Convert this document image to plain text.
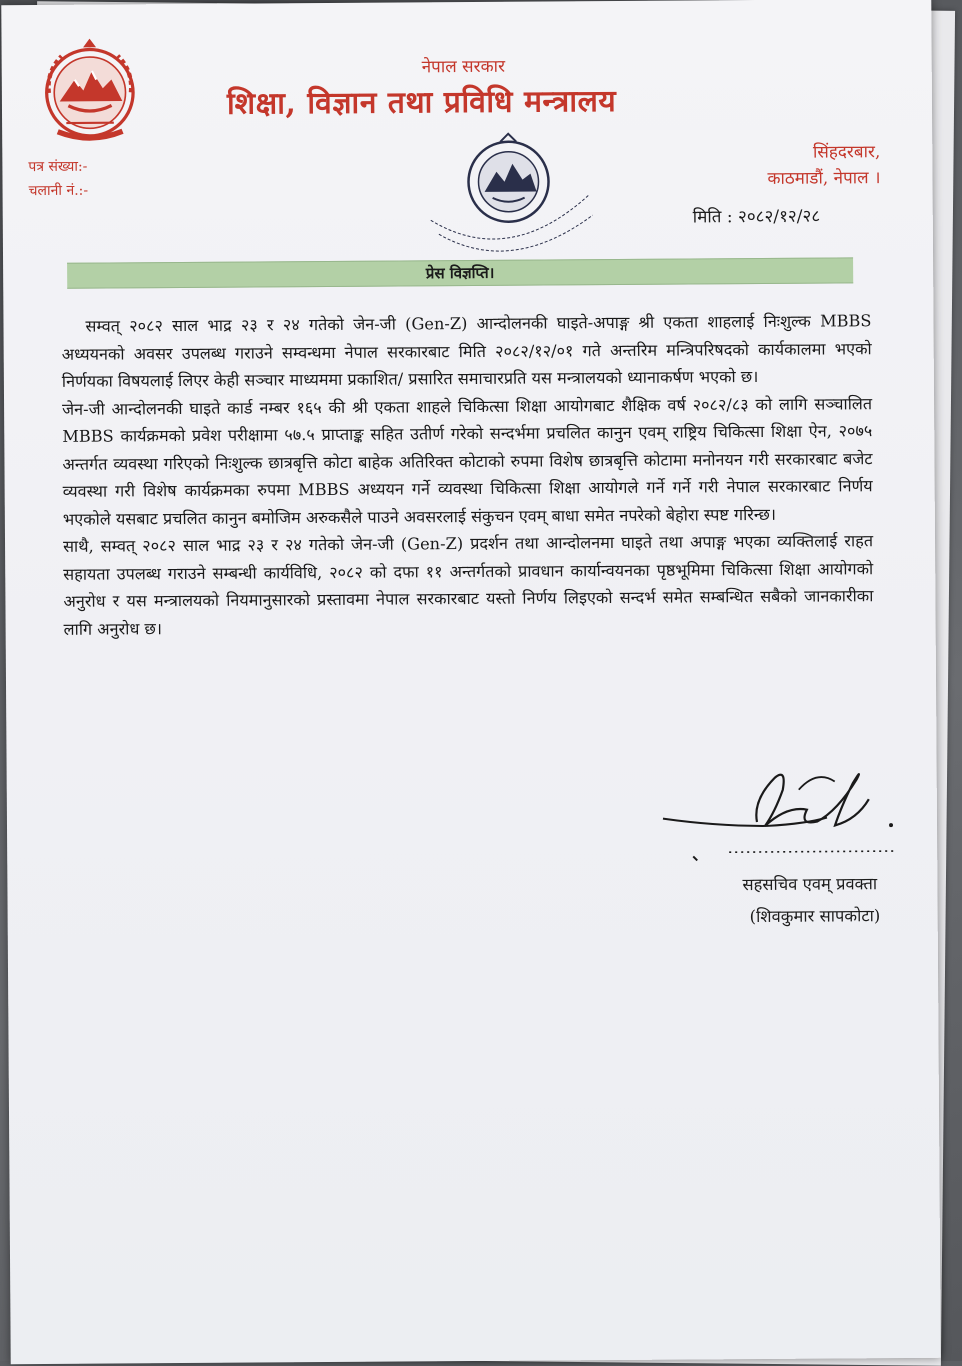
नेपाल सरकार
शिक्षा, विज्ञान तथा प्रविधि मन्त्रालय
पत्र संख्या:-
चलानी नं.:-
सिंहदरबार,
काठमाडौं, नेपाल ।
मिति : २०८२/१२/२८
प्रेस विज्ञप्ति।

सम्वत् २०८२ साल भाद्र २३ र २४ गतेको जेन-जी (Gen-Z) आन्दोलनकी घाइते-अपाङ्ग श्री एकता शाहलाई निःशुल्क MBBS अध्ययनको अवसर उपलब्ध गराउने सम्वन्धमा नेपाल सरकारबाट मिति २०८२/१२/०१ गते अन्तरिम मन्त्रिपरिषदको कार्यकालमा भएको निर्णयका विषयलाई लिएर केही सञ्चार माध्यममा प्रकाशित/ प्रसारित समाचारप्रति यस मन्त्रालयको ध्यानाकर्षण भएको छ।

जेन-जी आन्दोलनकी घाइते कार्ड नम्बर १६५ की श्री एकता शाहले चिकित्सा शिक्षा आयोगबाट शैक्षिक वर्ष २०८२/८३ को लागि सञ्चालित MBBS कार्यक्रमको प्रवेश परीक्षामा ५७.५ प्राप्ताङ्क सहित उतीर्ण गरेको सन्दर्भमा प्रचलित कानुन एवम् राष्ट्रिय चिकित्सा शिक्षा ऐन, २०७५ अन्तर्गत व्यवस्था गरिएको निःशुल्क छात्रबृत्ति कोटा बाहेक अतिरिक्त कोटाको रुपमा विशेष छात्रबृत्ति कोटामा मनोनयन गरी सरकारबाट बजेट व्यवस्था गरी विशेष कार्यक्रमका रुपमा MBBS अध्ययन गर्ने व्यवस्था चिकित्सा शिक्षा आयोगले गर्ने गर्ने गरी नेपाल सरकारबाट निर्णय भएकोले यसबाट प्रचलित कानुन बमोजिम अरुकसैले पाउने अवसरलाई संकुचन एवम् बाधा समेत नपरेको बेहोरा स्पष्ट गरिन्छ।

साथै, सम्वत् २०८२ साल भाद्र २३ र २४ गतेको जेन-जी (Gen-Z) प्रदर्शन तथा आन्दोलनमा घाइते तथा अपाङ्ग भएका व्यक्तिलाई राहत सहायता उपलब्ध गराउने सम्बन्धी कार्यविधि, २०८२ को दफा ११ अन्तर्गतको प्रावधान कार्यान्वयनका पृष्ठभूमिमा चिकित्सा शिक्षा आयोगको अनुरोध र यस मन्त्रालयको नियमानुसारको प्रस्तावमा नेपाल सरकारबाट यस्तो निर्णय लिइएको सन्दर्भ समेत सम्बन्धित सबैको जानकारीका लागि अनुरोध छ।

सहसचिव एवम् प्रवक्ता
(शिवकुमार सापकोटा)
